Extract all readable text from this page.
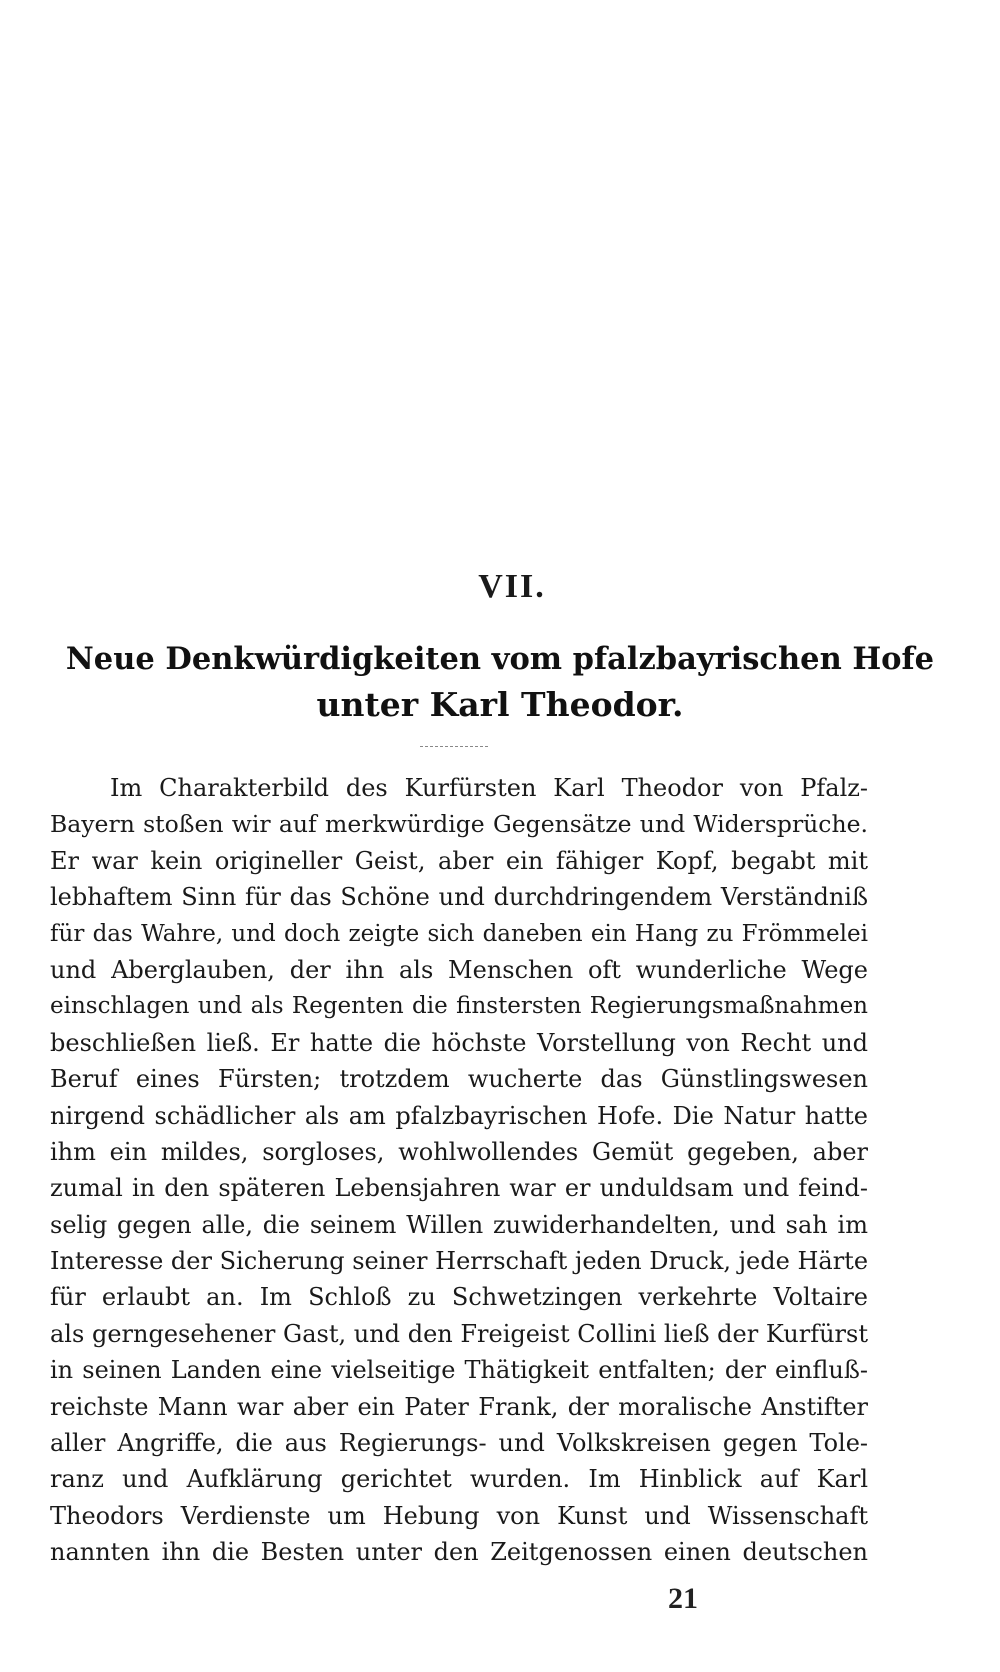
VII.
Neue Denkwürdigkeiten vom pfalzbayrischen Hofe
unter Karl Theodor.
Im Charakterbild des Kurfürsten Karl Theodor von Pfalz-
Bayern stoßen wir auf merkwürdige Gegensätze und Widersprüche.
Er war kein origineller Geist, aber ein fähiger Kopf, begabt mit
lebhaftem Sinn für das Schöne und durchdringendem Verständniß
für das Wahre, und doch zeigte sich daneben ein Hang zu Frömmelei
und Aberglauben, der ihn als Menschen oft wunderliche Wege
einschlagen und als Regenten die finstersten Regierungsmaßnahmen
beschließen ließ. Er hatte die höchste Vorstellung von Recht und
Beruf eines Fürsten; trotzdem wucherte das Günstlingswesen
nirgend schädlicher als am pfalzbayrischen Hofe. Die Natur hatte
ihm ein mildes, sorgloses, wohlwollendes Gemüt gegeben, aber
zumal in den späteren Lebensjahren war er unduldsam und feind-
selig gegen alle, die seinem Willen zuwiderhandelten, und sah im
Interesse der Sicherung seiner Herrschaft jeden Druck, jede Härte
für erlaubt an. Im Schloß zu Schwetzingen verkehrte Voltaire
als gerngesehener Gast, und den Freigeist Collini ließ der Kurfürst
in seinen Landen eine vielseitige Thätigkeit entfalten; der einfluß-
reichste Mann war aber ein Pater Frank, der moralische Anstifter
aller Angriffe, die aus Regierungs- und Volkskreisen gegen Tole-
ranz und Aufklärung gerichtet wurden. Im Hinblick auf Karl
Theodors Verdienste um Hebung von Kunst und Wissenschaft
nannten ihn die Besten unter den Zeitgenossen einen deutschen
21
